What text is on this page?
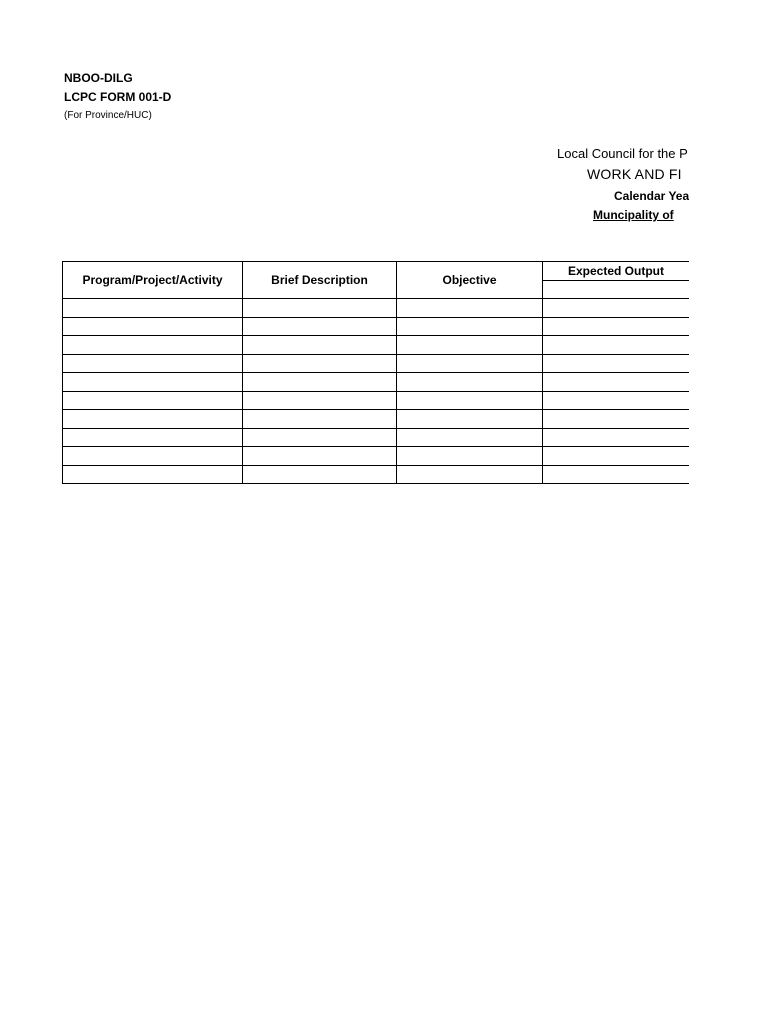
NBOO-DILG
LCPC FORM 001-D
(For Province/HUC)
Local Council for the P
WORK AND FI
Calendar Yea
Muncipality of
Program/Project/Activity	Brief Description	Objective	Expected Output
